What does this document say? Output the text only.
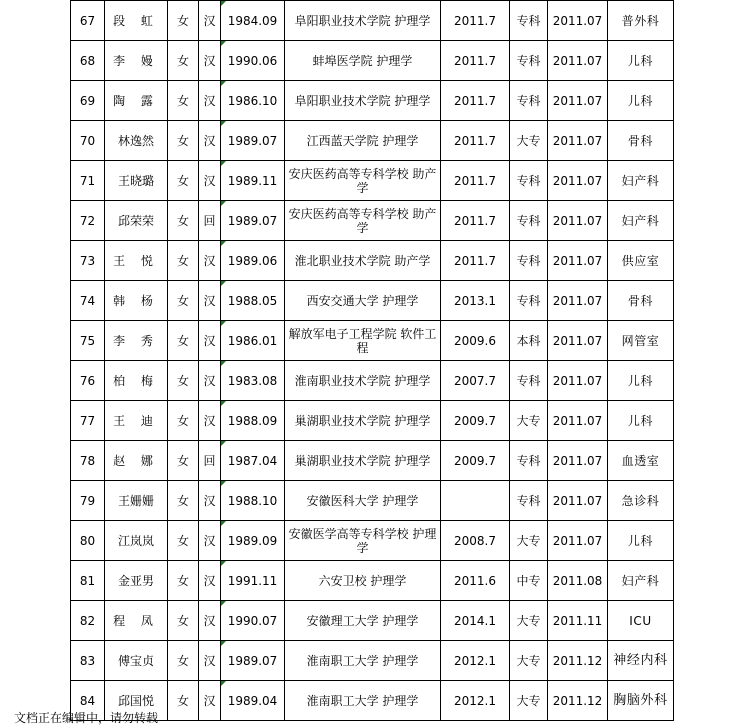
67	段 虹	女	汉	1984.09	阜阳职业技术学院 护理学	2011.7	专科	2011.07	普外科
68	李 嫚	女	汉	1990.06	蚌埠医学院 护理学	2011.7	专科	2011.07	儿科
69	陶 露	女	汉	1986.10	阜阳职业技术学院 护理学	2011.7	专科	2011.07	儿科
70	林逸然	女	汉	1989.07	江西蓝天学院 护理学	2011.7	大专	2011.07	骨科
71	王晓璐	女	汉	1989.11	安庆医药高等专科学校 助产学	2011.7	专科	2011.07	妇产科
72	邱荣荣	女	回	1989.07	安庆医药高等专科学校 助产学	2011.7	专科	2011.07	妇产科
73	王 悦	女	汉	1989.06	淮北职业技术学院 助产学	2011.7	专科	2011.07	供应室
74	韩 杨	女	汉	1988.05	西安交通大学 护理学	2013.1	专科	2011.07	骨科
75	李 秀	女	汉	1986.01	解放军电子工程学院 软件工程	2009.6	本科	2011.07	网管室
76	柏 梅	女	汉	1983.08	淮南职业技术学院 护理学	2007.7	专科	2011.07	儿科
77	王 迪	女	汉	1988.09	巢湖职业技术学院 护理学	2009.7	大专	2011.07	儿科
78	赵 娜	女	回	1987.04	巢湖职业技术学院 护理学	2009.7	专科	2011.07	血透室
79	王姗姗	女	汉	1988.10	安徽医科大学 护理学		专科	2011.07	急诊科
80	江岚岚	女	汉	1989.09	安徽医学高等专科学校 护理学	2008.7	大专	2011.07	儿科
81	金亚男	女	汉	1991.11	六安卫校 护理学	2011.6	中专	2011.08	妇产科
82	程 凤	女	汉	1990.07	安徽理工大学 护理学	2014.1	大专	2011.11	ICU
83	傅宝贞	女	汉	1989.07	淮南职工大学 护理学	2012.1	大专	2011.12	神经内科
84	邱国悦	女	汉	1989.04	淮南职工大学 护理学	2012.1	大专	2011.12	胸脑外科
文档正在编辑中，请勿转载
